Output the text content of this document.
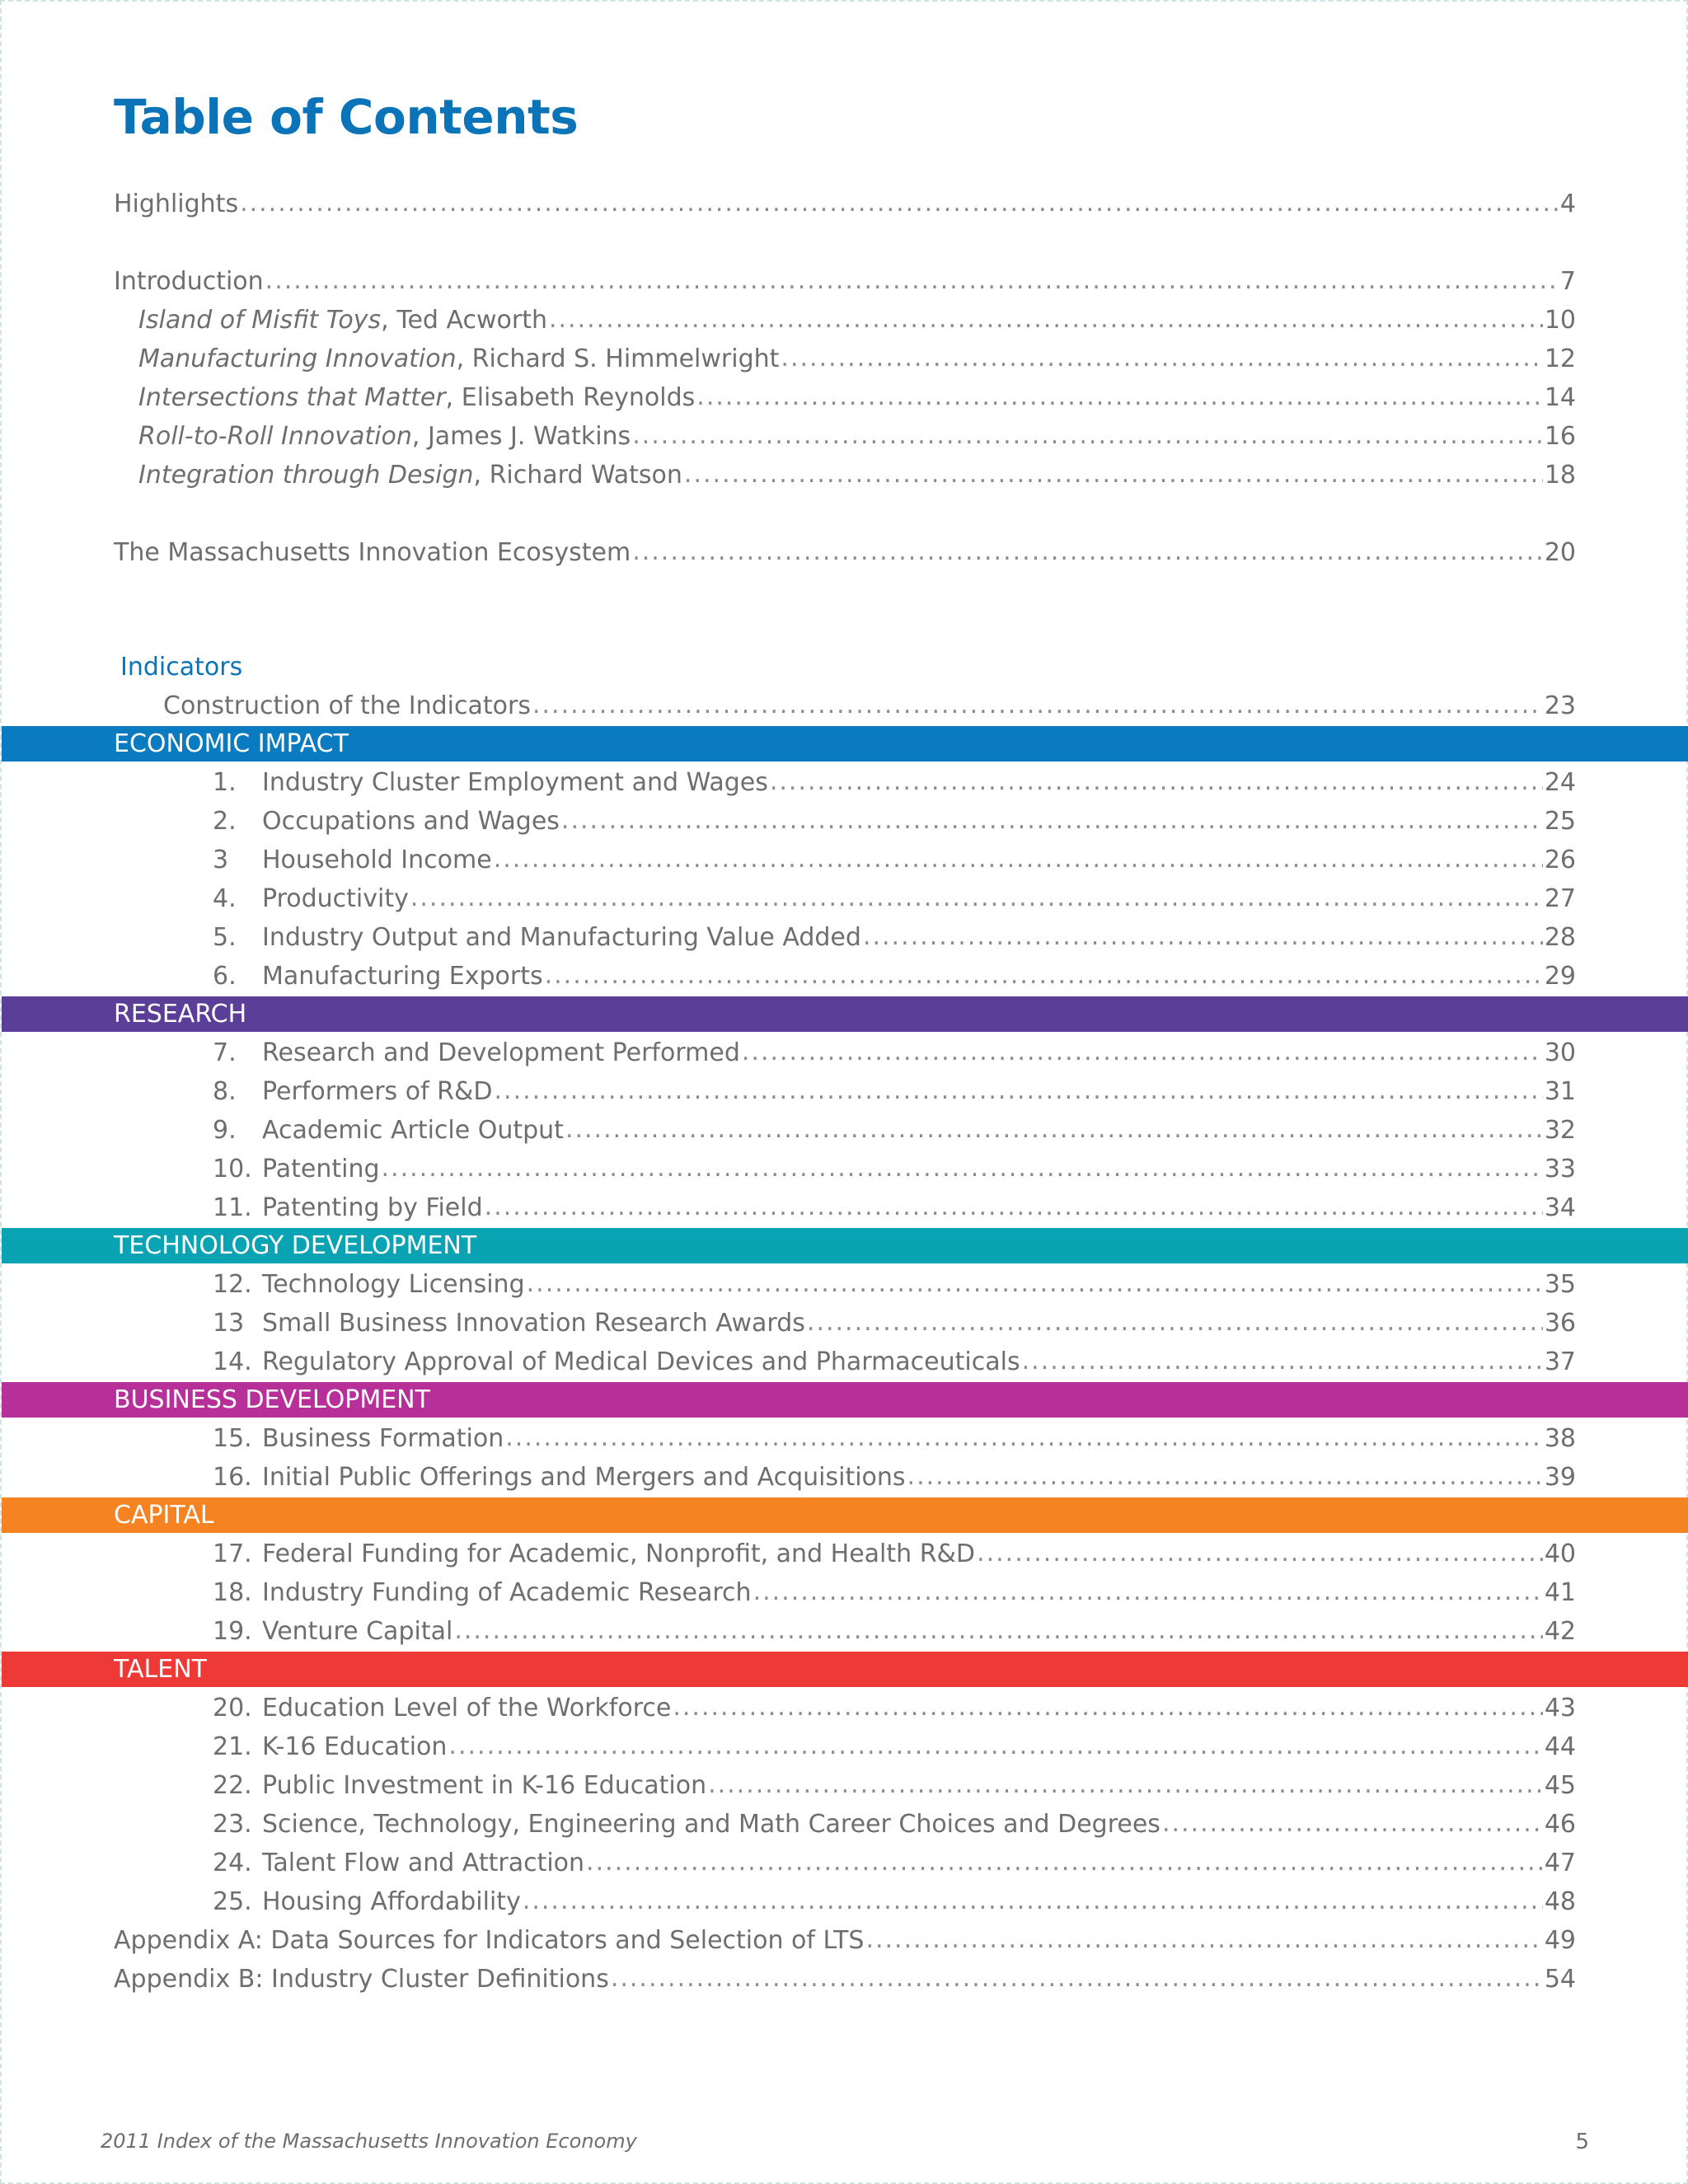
Table of Contents
Highlights .....	4
Introduction .....	7
Island of Misfit Toys, Ted Acworth .....	10
Manufacturing Innovation, Richard S. Himmelwright .....	12
Intersections that Matter, Elisabeth Reynolds .....	14
Roll-to-Roll Innovation, James J. Watkins .....	16
Integration through Design, Richard Watson .....	18
The Massachusetts Innovation Ecosystem .....	20
Indicators
Construction of the Indicators .....	23
ECONOMIC IMPACT
1. Industry Cluster Employment and Wages .....	24
2. Occupations and Wages .....	25
3 Household Income .....	26
4. Productivity .....	27
5. Industry Output and Manufacturing Value Added .....	28
6. Manufacturing Exports .....	29
RESEARCH
7. Research and Development Performed .....	30
8. Performers of R&D .....	31
9. Academic Article Output .....	32
10. Patenting .....	33
11. Patenting by Field .....	34
TECHNOLOGY DEVELOPMENT
12. Technology Licensing .....	35
13 Small Business Innovation Research Awards .....	36
14. Regulatory Approval of Medical Devices and Pharmaceuticals .....	37
BUSINESS DEVELOPMENT
15. Business Formation .....	38
16. Initial Public Offerings and Mergers and Acquisitions .....	39
CAPITAL
17. Federal Funding for Academic, Nonprofit, and Health R&D .....	40
18. Industry Funding of Academic Research .....	41
19. Venture Capital .....	42
TALENT
20. Education Level of the Workforce .....	43
21. K-16 Education .....	44
22. Public Investment in K-16 Education .....	45
23. Science, Technology, Engineering and Math Career Choices and Degrees .....	46
24. Talent Flow and Attraction .....	47
25. Housing Affordability .....	48
Appendix A: Data Sources for Indicators and Selection of LTS .....	49
Appendix B: Industry Cluster Definitions .....	54
2011 Index of the Massachusetts Innovation Economy	5
